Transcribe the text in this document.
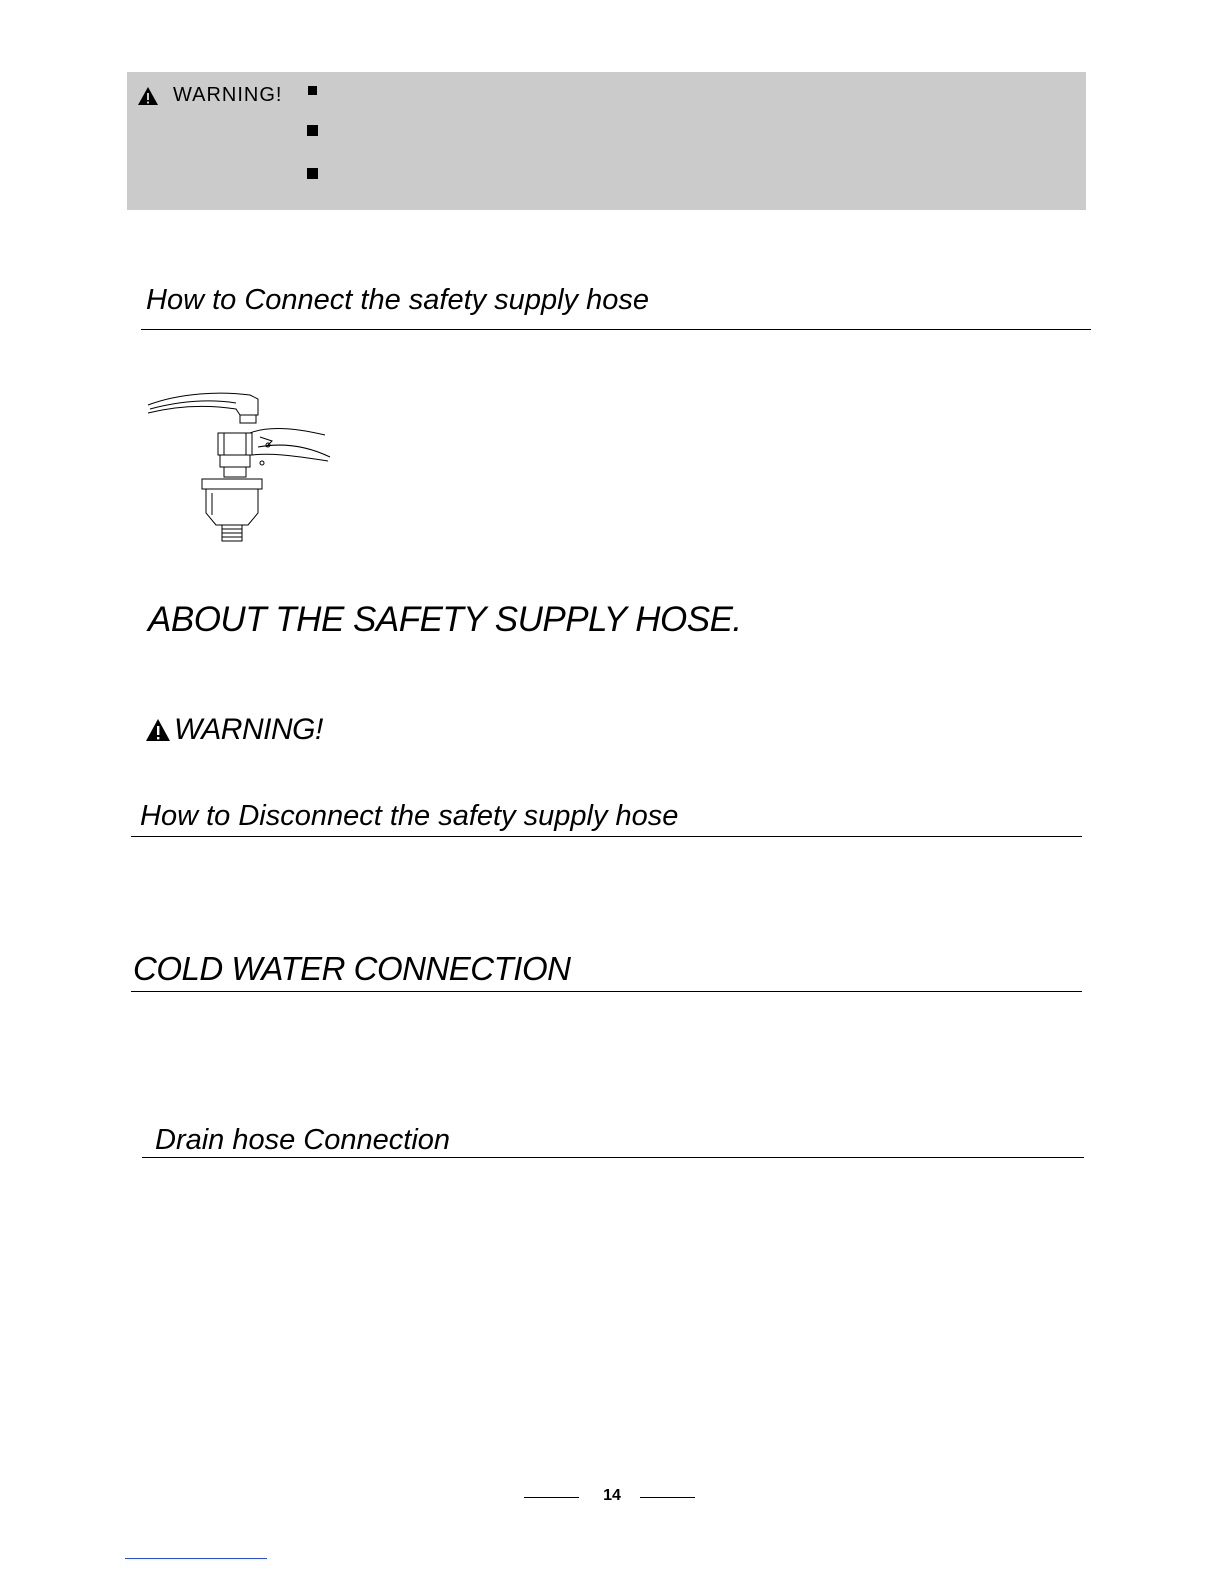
WARNING!
How to Connect the safety supply hose
ABOUT THE SAFETY SUPPLY HOSE.
WARNING!
How to Disconnect the safety supply hose
COLD WATER CONNECTION
Drain hose Connection
14
